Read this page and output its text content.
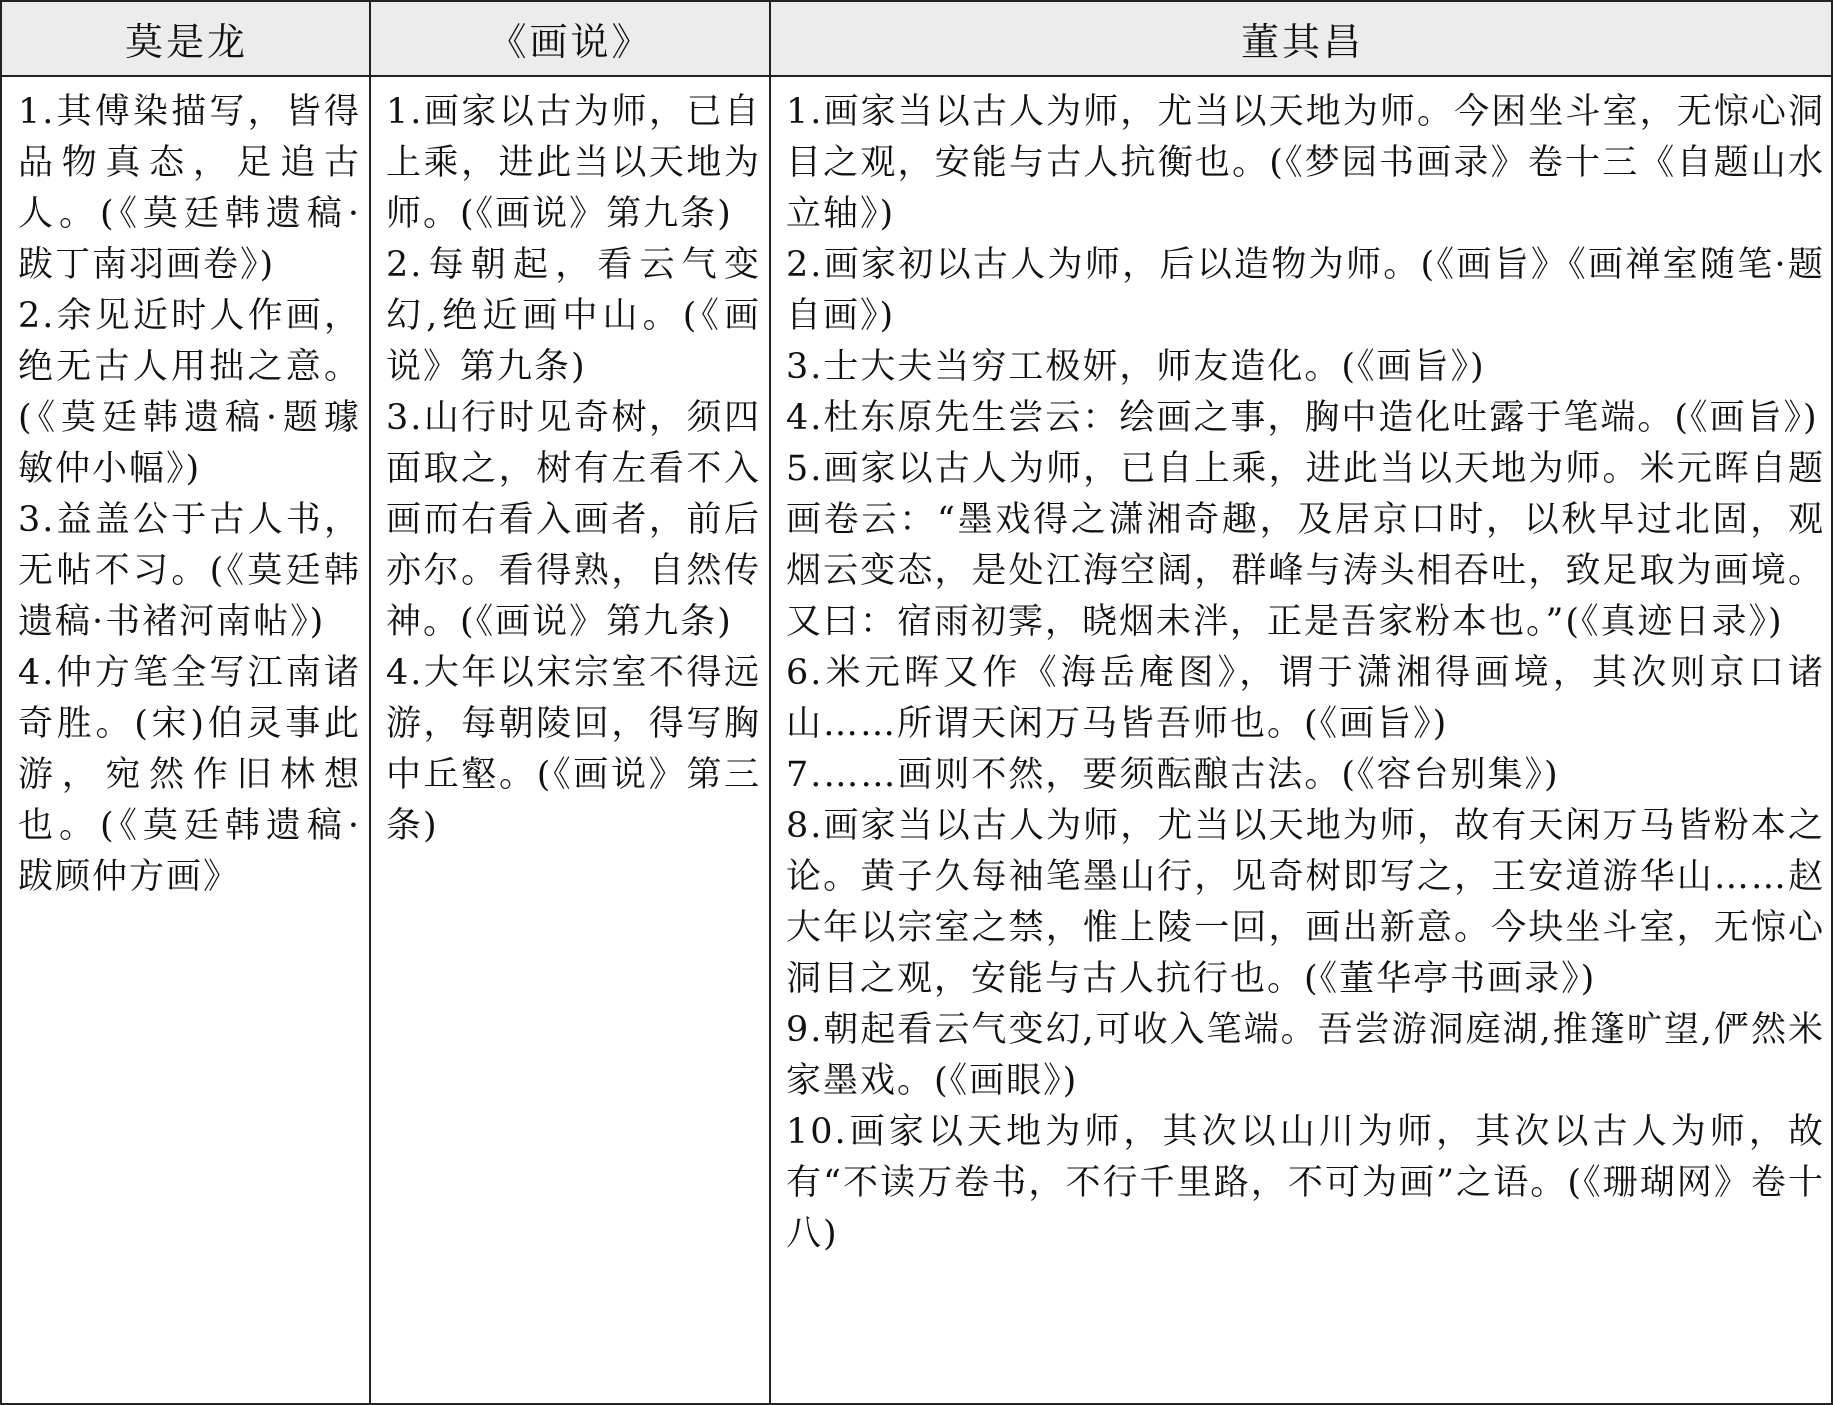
莫是龙	《画说》	董其昌

1.其傅染描写，皆得品物真态，足追古人。(《莫廷韩遗稿·跋丁南羽画卷》)

2.余见近时人作画，绝无古人用拙之意。(《莫廷韩遗稿·题璩敏仲小幅》)

3.益盖公于古人书，无帖不习。(《莫廷韩遗稿·书褚河南帖》)

4.仲方笔全写江南诸奇胜。(宋)伯灵事此游，宛然作旧林想也。(《莫廷韩遗稿·跋顾仲方画》

1.画家以古为师，已自上乘，进此当以天地为师。(《画说》第九条)

2.每朝起，看云气变幻,绝近画中山。(《画说》第九条)

3.山行时见奇树，须四面取之，树有左看不入画而右看入画者，前后亦尔。看得熟，自然传神。(《画说》第九条)

4.大年以宋宗室不得远游，每朝陵回，得写胸中丘壑。(《画说》第三条)

1.画家当以古人为师，尤当以天地为师。今困坐斗室，无惊心洞目之观，安能与古人抗衡也。(《梦园书画录》卷十三《自题山水立轴》)

2.画家初以古人为师，后以造物为师。(《画旨》《画禅室随笔·题自画》)

3.士大夫当穷工极妍，师友造化。(《画旨》)

4.杜东原先生尝云：绘画之事，胸中造化吐露于笔端。(《画旨》)

5.画家以古人为师，已自上乘，进此当以天地为师。米元晖自题画卷云：“墨戏得之潇湘奇趣，及居京口时，以秋早过北固，观烟云变态，是处江海空阔，群峰与涛头相吞吐，致足取为画境。又曰：宿雨初霁，晓烟未泮，正是吾家粉本也。”(《真迹日录》)

6.米元晖又作《海岳庵图》，谓于潇湘得画境，其次则京口诸山……所谓天闲万马皆吾师也。(《画旨》)

7.……画则不然，要须酝酿古法。(《容台别集》)

8.画家当以古人为师，尤当以天地为师，故有天闲万马皆粉本之论。黄子久每袖笔墨山行，见奇树即写之，王安道游华山……赵大年以宗室之禁，惟上陵一回，画出新意。今块坐斗室，无惊心洞目之观，安能与古人抗行也。(《董华亭书画录》)

9.朝起看云气变幻,可收入笔端。吾尝游洞庭湖,推篷旷望,俨然米家墨戏。(《画眼》)

10.画家以天地为师，其次以山川为师，其次以古人为师，故有“不读万卷书，不行千里路，不可为画”之语。(《珊瑚网》卷十八)
